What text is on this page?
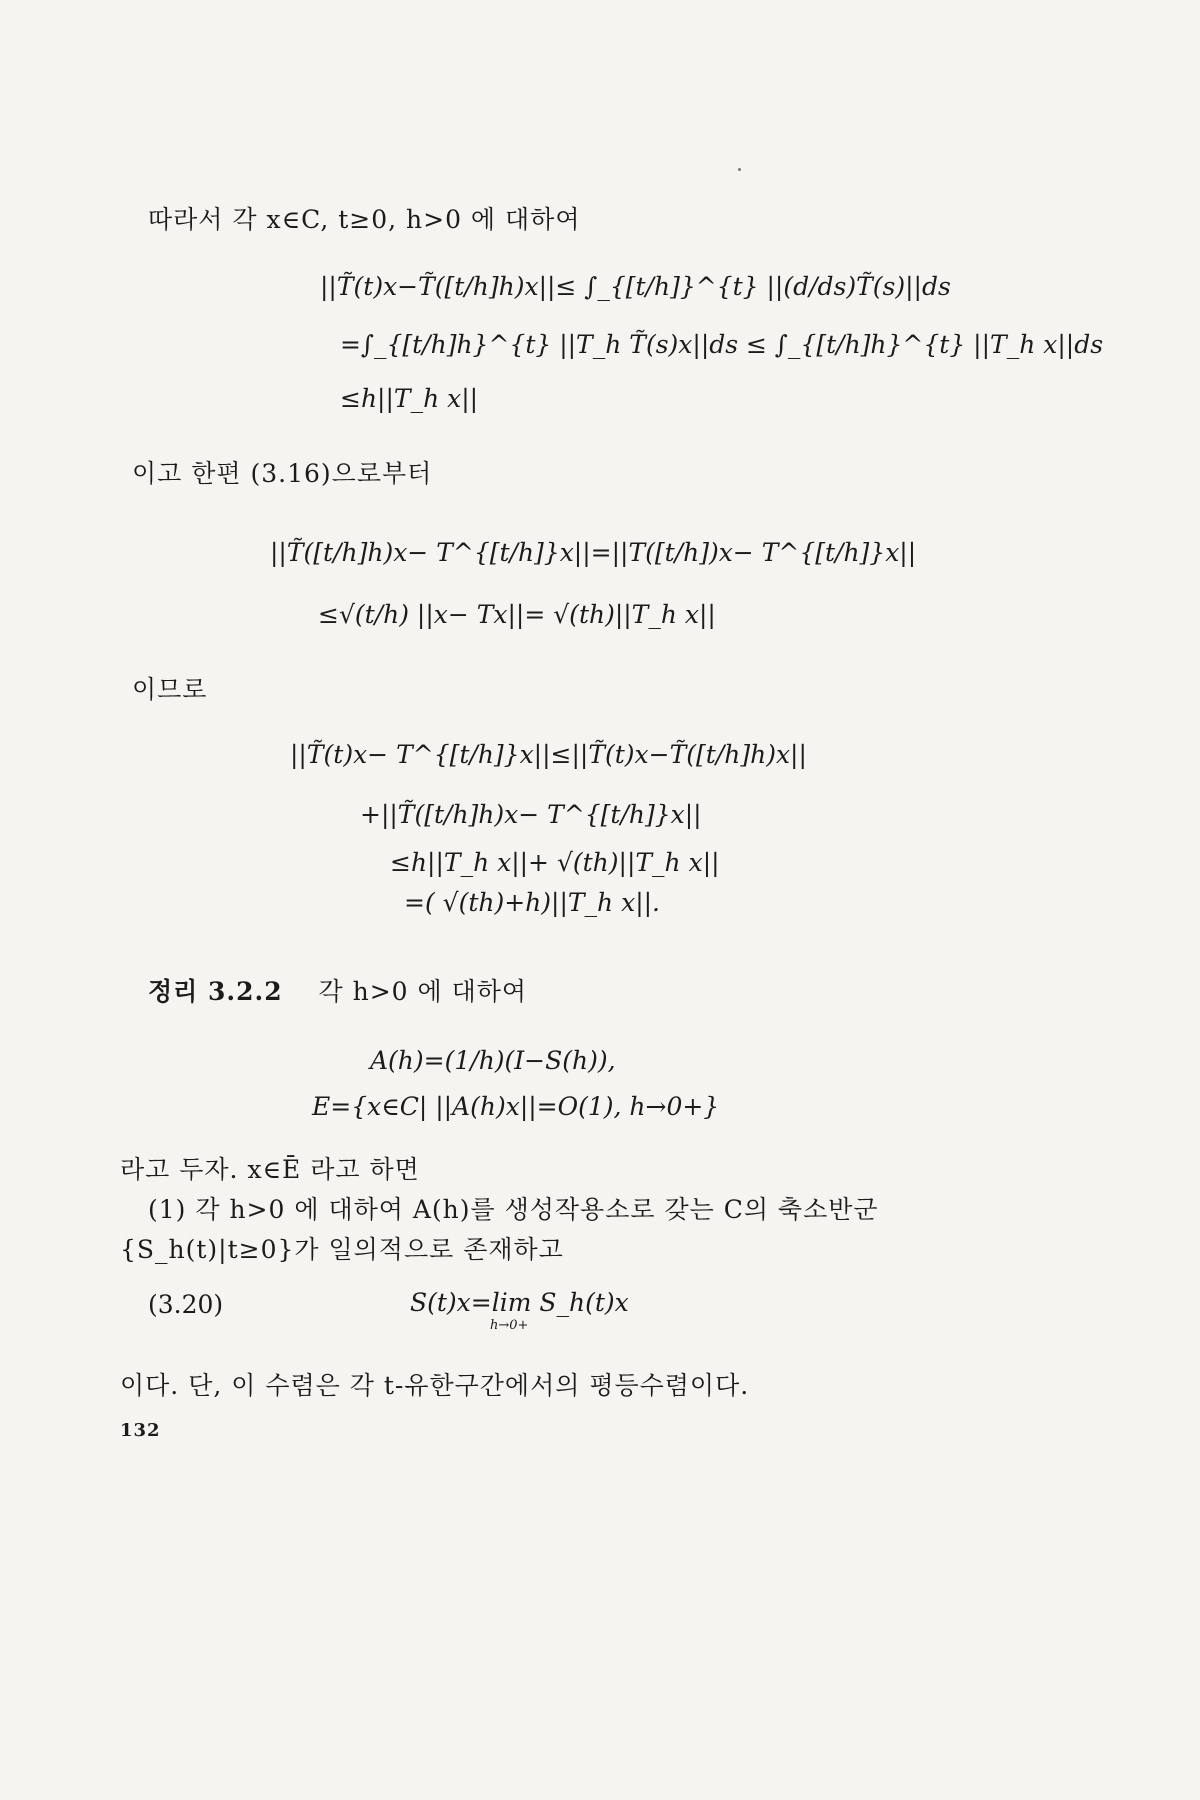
따라서 각 x∈C, t≥0, h>0 에 대하여
||T̃(t)x−T̃([t/h]h)x||≤ ∫_{[t/h]}^{t} ||(d/ds)T̃(s)||ds
=∫_{[t/h]h}^{t} ||T_h T̃(s)x||ds ≤ ∫_{[t/h]h}^{t} ||T_h x||ds
≤h||T_h x||
이고 한편 (3.16)으로부터
||T̃([t/h]h)x− T^{[t/h]}x||=||T([t/h])x− T^{[t/h]}x||
≤√(t/h) ||x− Tx||= √(th)||T_h x||
이므로
||T̃(t)x− T^{[t/h]}x||≤||T̃(t)x−T̃([t/h]h)x||
+||T̃([t/h]h)x− T^{[t/h]}x||
≤h||T_h x||+ √(th)||T_h x||
=( √(th)+h)||T_h x||.
정리 3.2.2 각 h>0 에 대하여
A(h)=(1/h)(I−S(h)),
E={x∈C| ||A(h)x||=O(1), h→0+}
라고 두자. x∈Ē 라고 하면
(1) 각 h>0 에 대하여 A(h)를 생성작용소로 갖는 C의 축소반군
{S_h(t)|t≥0}가 일의적으로 존재하고
(3.20)	S(t)x=lim S_h(t)x
h→0+
이다. 단, 이 수렴은 각 t-유한구간에서의 평등수렴이다.
132
